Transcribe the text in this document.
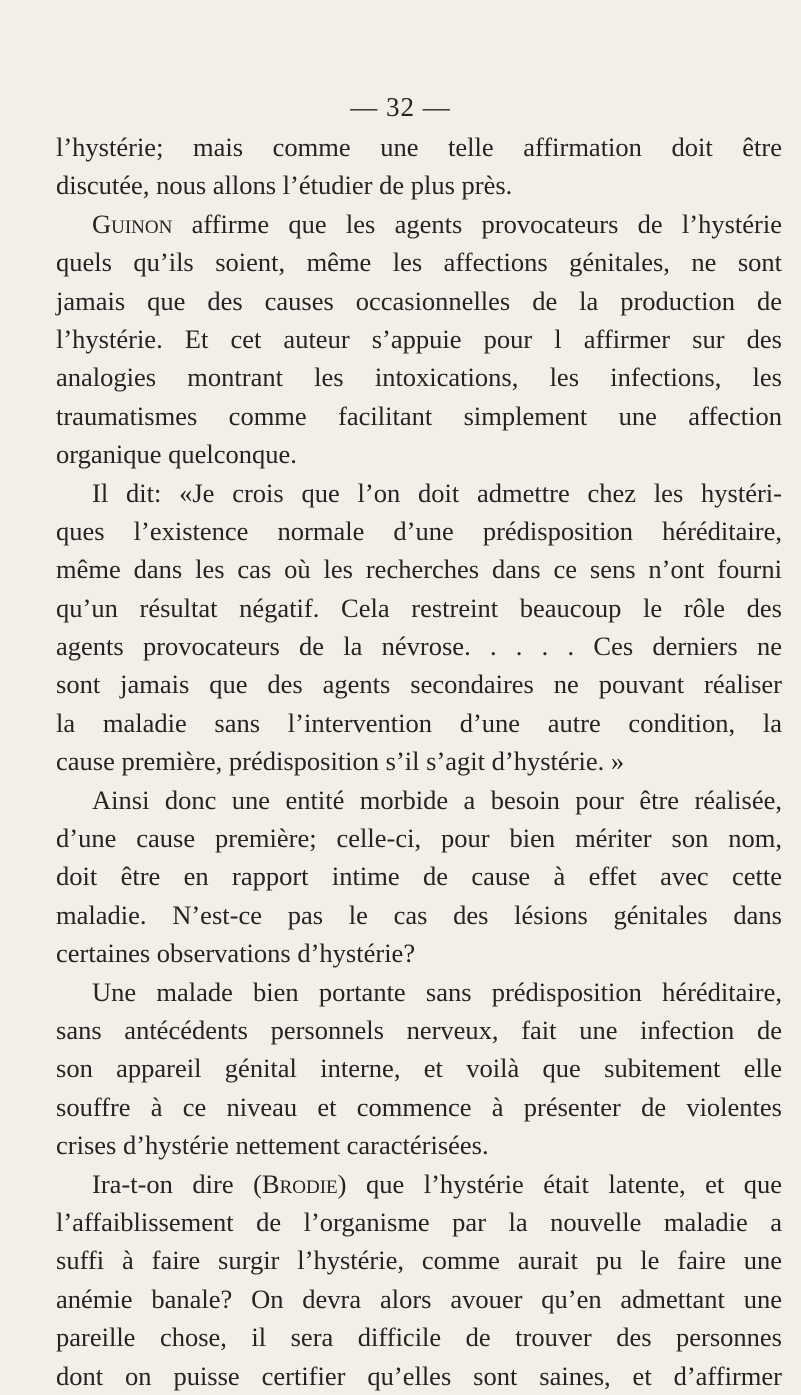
— 32 —
l’hystérie; mais comme une telle affirmation doit être
discutée, nous allons l’étudier de plus près.
Guinon affirme que les agents provocateurs de l’hystérie
quels qu’ils soient, même les affections génitales, ne sont
jamais que des causes occasionnelles de la production de
l’hystérie. Et cet auteur s’appuie pour l affirmer sur des
analogies montrant les intoxications, les infections, les
traumatismes comme facilitant simplement une affection
organique quelconque.
Il dit: «Je crois que l’on doit admettre chez les hystéri-
ques l’existence normale d’une prédisposition héréditaire,
même dans les cas où les recherches dans ce sens n’ont fourni
qu’un résultat négatif. Cela restreint beaucoup le rôle des
agents provocateurs de la névrose. . . . . Ces derniers ne
sont jamais que des agents secondaires ne pouvant réaliser
la maladie sans l’intervention d’une autre condition, la
cause première, prédisposition s’il s’agit d’hystérie. »
Ainsi donc une entité morbide a besoin pour être réalisée,
d’une cause première; celle-ci, pour bien mériter son nom,
doit être en rapport intime de cause à effet avec cette
maladie. N’est-ce pas le cas des lésions génitales dans
certaines observations d’hystérie?
Une malade bien portante sans prédisposition héréditaire,
sans antécédents personnels nerveux, fait une infection de
son appareil génital interne, et voilà que subitement elle
souffre à ce niveau et commence à présenter de violentes
crises d’hystérie nettement caractérisées.
Ira-t-on dire (Brodie) que l’hystérie était latente, et que
l’affaiblissement de l’organisme par la nouvelle maladie a
suffi à faire surgir l’hystérie, comme aurait pu le faire une
anémie banale? On devra alors avouer qu’en admettant une
pareille chose, il sera difficile de trouver des personnes
dont on puisse certifier qu’elles sont saines, et d’affirmer
